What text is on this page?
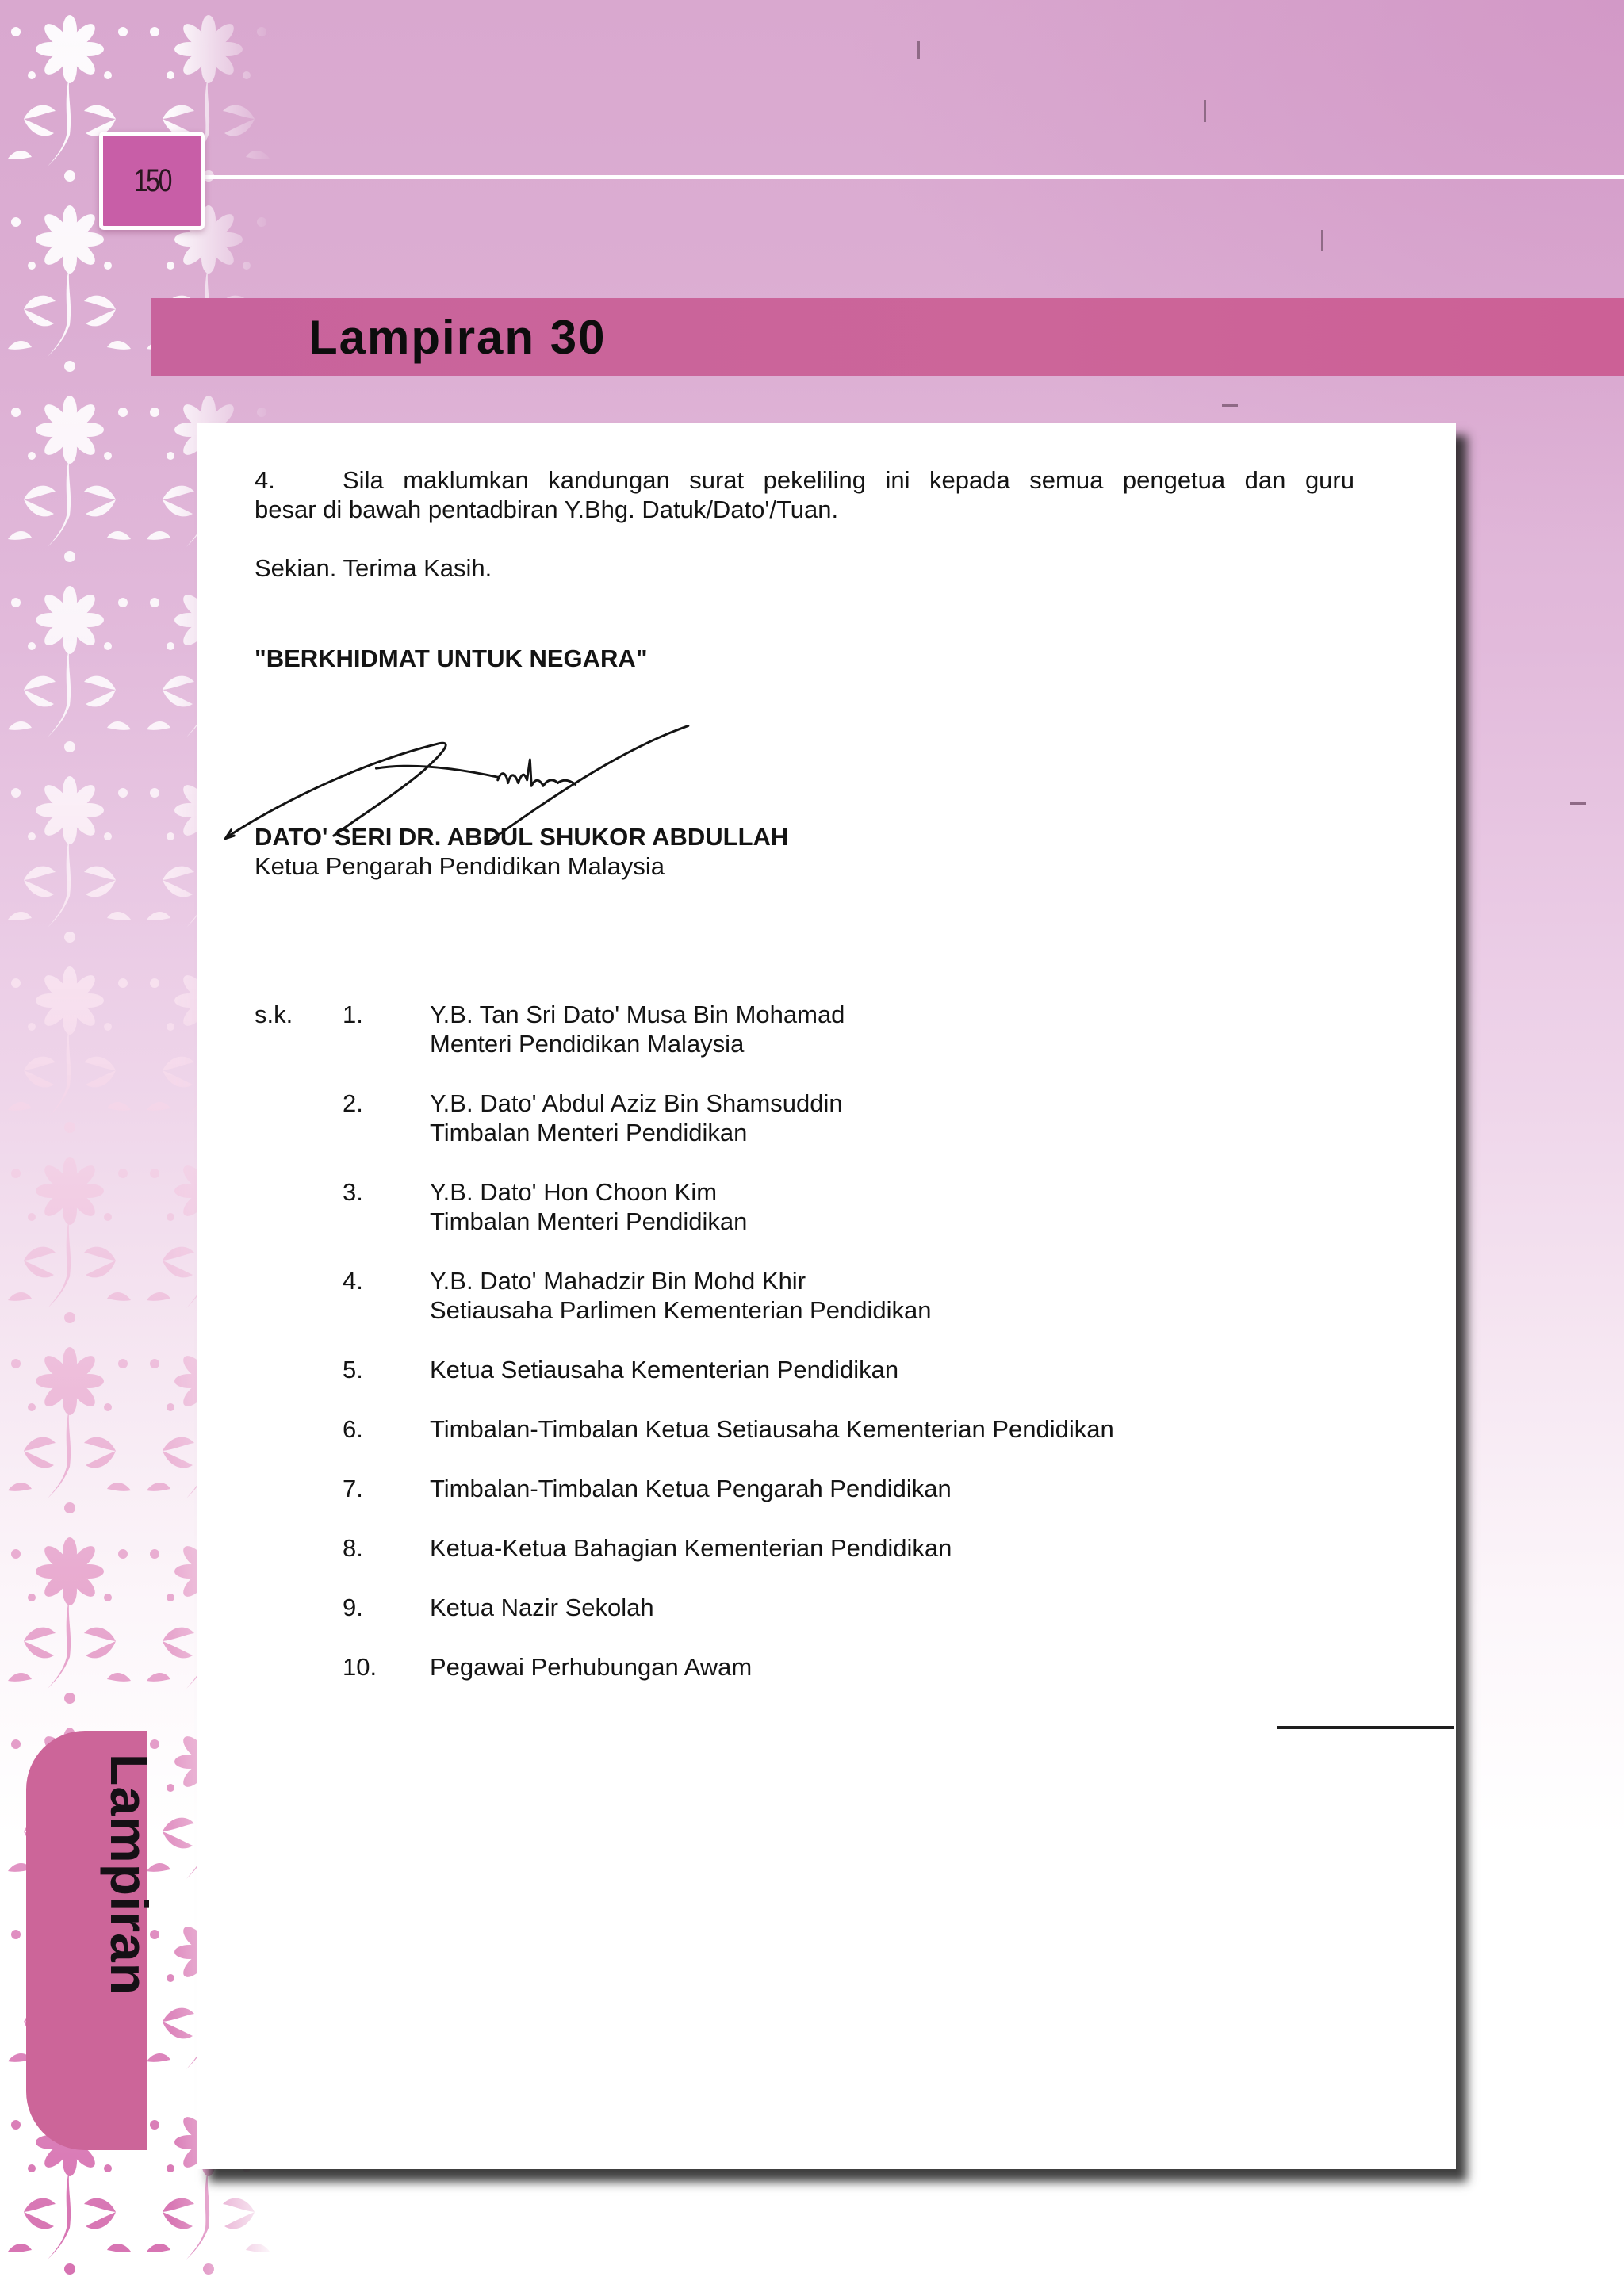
150
Lampiran 30
4.	Sila maklumkan kandungan surat pekeliling ini kepada semua pengetua dan guru
besar di bawah pentadbiran Y.Bhg. Datuk/Dato'/Tuan.
Sekian. Terima Kasih.
"BERKHIDMAT UNTUK NEGARA"
DATO' SERI DR. ABDUL SHUKOR ABDULLAH
Ketua Pengarah Pendidikan Malaysia
s.k. 1.	Y.B. Tan Sri Dato' Musa Bin Mohamad
Menteri Pendidikan Malaysia
2.	Y.B. Dato' Abdul Aziz Bin Shamsuddin
Timbalan Menteri Pendidikan
3.	Y.B. Dato' Hon Choon Kim
Timbalan Menteri Pendidikan
4.	Y.B. Dato' Mahadzir Bin Mohd Khir
Setiausaha Parlimen Kementerian Pendidikan
5.	Ketua Setiausaha Kementerian Pendidikan
6.	Timbalan-Timbalan Ketua Setiausaha Kementerian Pendidikan
7.	Timbalan-Timbalan Ketua Pengarah Pendidikan
8.	Ketua-Ketua Bahagian Kementerian Pendidikan
9.	Ketua Nazir Sekolah
10.	Pegawai Perhubungan Awam
Lampiran
